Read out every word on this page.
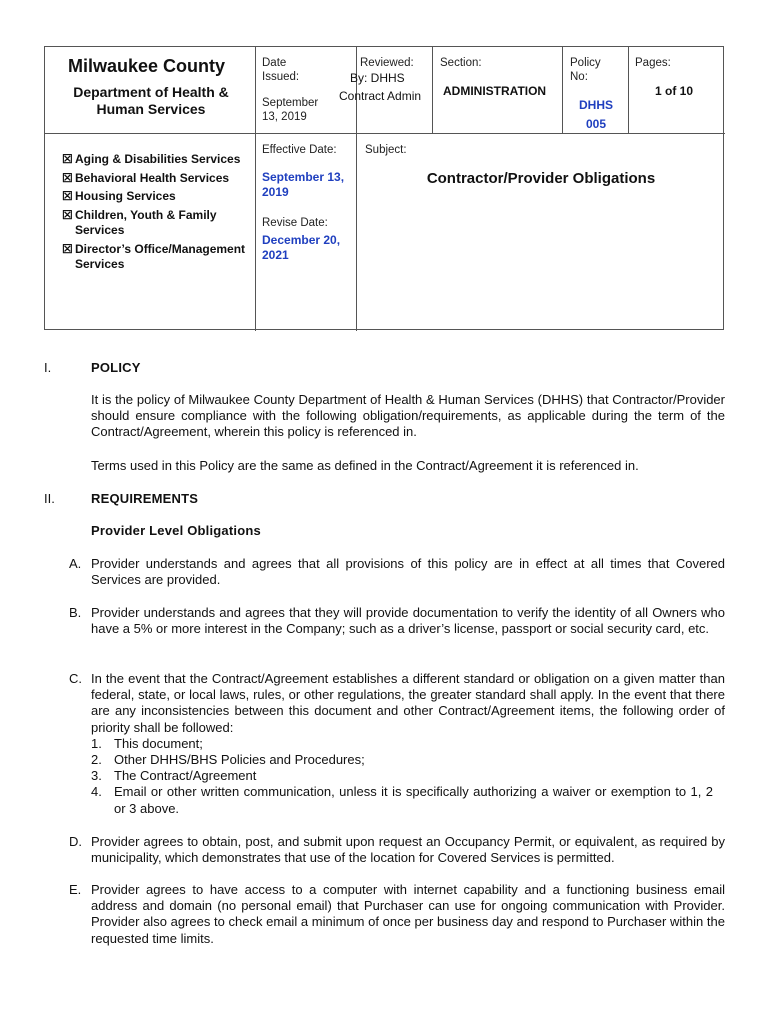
Milwaukee County
Department of Health & Human Services
☒ Aging & Disabilities Services
☒ Behavioral Health Services
☒ Housing Services
☒ Children, Youth & Family Services
☒ Director’s Office/Management Services
Date Issued:
September 13, 2019
Reviewed:
By: DHHS
Contract Admin
Section:
ADMINISTRATION
Policy No:
DHHS 005
Pages:
1 of 10
Effective Date:
September 13, 2019
Revise Date:
December 20, 2021
Subject:
Contractor/Provider Obligations
I.	POLICY
It is the policy of Milwaukee County Department of Health & Human Services (DHHS) that Contractor/Provider should ensure compliance with the following obligation/requirements, as applicable during the term of the Contract/Agreement, wherein this policy is referenced in.
Terms used in this Policy are the same as defined in the Contract/Agreement it is referenced in.
II.	REQUIREMENTS
Provider Level Obligations
A. Provider understands and agrees that all provisions of this policy are in effect at all times that Covered Services are provided.
B. Provider understands and agrees that they will provide documentation to verify the identity of all Owners who have a 5% or more interest in the Company; such as a driver’s license, passport or social security card, etc.
C. In the event that the Contract/Agreement establishes a different standard or obligation on a given matter than federal, state, or local laws, rules, or other regulations, the greater standard shall apply. In the event that there are any inconsistencies between this document and other Contract/Agreement items, the following order of priority shall be followed:
1. This document;
2. Other DHHS/BHS Policies and Procedures;
3. The Contract/Agreement
4. Email or other written communication, unless it is specifically authorizing a waiver or exemption to 1, 2 or 3 above.
D. Provider agrees to obtain, post, and submit upon request an Occupancy Permit, or equivalent, as required by municipality, which demonstrates that use of the location for Covered Services is permitted.
E. Provider agrees to have access to a computer with internet capability and a functioning business email address and domain (no personal email) that Purchaser can use for ongoing communication with Provider. Provider also agrees to check email a minimum of once per business day and respond to Purchaser within the requested time limits.
